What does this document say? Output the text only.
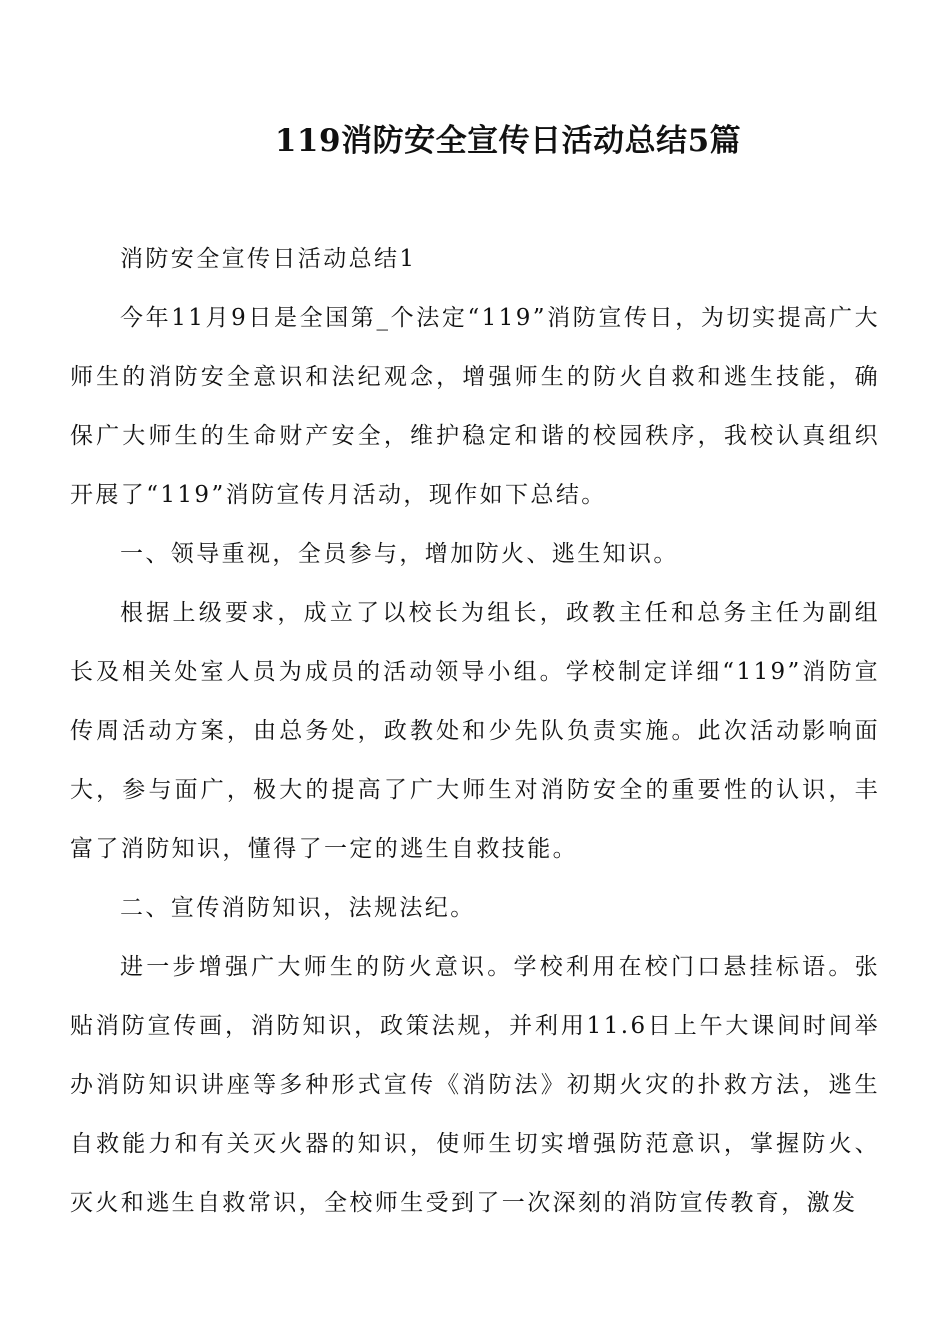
119消防安全宣传日活动总结5篇

消防安全宣传日活动总结1

今年11月9日是全国第_个法定“119”消防宣传日，为切实提高广大师生的消防安全意识和法纪观念，增强师生的防火自救和逃生技能，确保广大师生的生命财产安全，维护稳定和谐的校园秩序，我校认真组织开展了“119”消防宣传月活动，现作如下总结。

一、领导重视，全员参与，增加防火、逃生知识。

根据上级要求，成立了以校长为组长，政教主任和总务主任为副组长及相关处室人员为成员的活动领导小组。学校制定详细“119”消防宣传周活动方案，由总务处，政教处和少先队负责实施。此次活动影响面大，参与面广，极大的提高了广大师生对消防安全的重要性的认识，丰富了消防知识，懂得了一定的逃生自救技能。

二、宣传消防知识，法规法纪。

进一步增强广大师生的防火意识。学校利用在校门口悬挂标语。张贴消防宣传画，消防知识，政策法规，并利用11.6日上午大课间时间举办消防知识讲座等多种形式宣传《消防法》初期火灾的扑救方法，逃生自救能力和有关灭火器的知识，使师生切实增强防范意识，掌握防火、灭火和逃生自救常识，全校师生受到了一次深刻的消防宣传教育，激发
